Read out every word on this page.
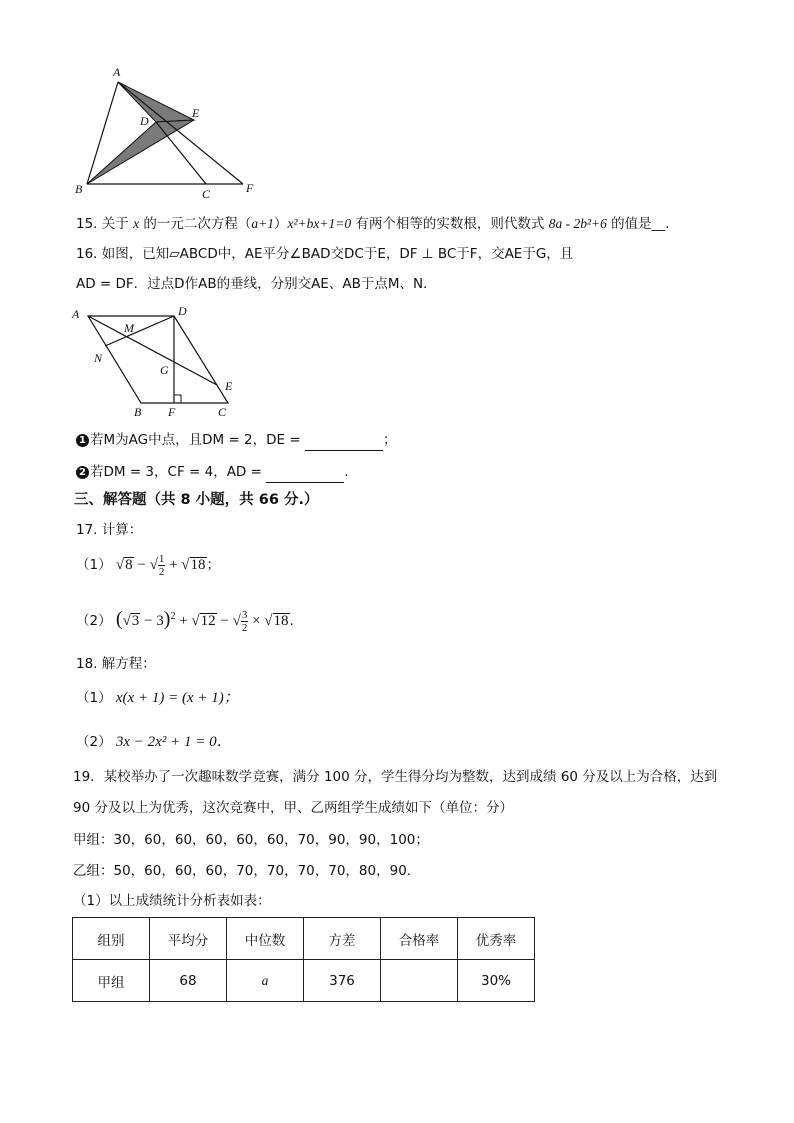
A
D
E
B	C	F
15. 关于 x 的一元二次方程（a+1）x²+bx+1=0 有两个相等的实数根，则代数式 8a - 2b²+6 的值是__.
16. 如图，已知▱ABCD中，AE平分∠BAD交DC于E，DF ⊥ BC于F，交AE于G，且
AD = DF．过点D作AB的垂线，分别交AE、AB于点M、N．
A	D
M
N
G
E
B F	C
1 若M为AG中点，且DM = 2，DE =	；
2 若DM = 3，CF = 4，AD =	.
三、解答题（共 8 小题，共 66 分.）
17. 计算：
（1） √8 − √ $\frac{1}{2} + √18$；
（2） $(√3 - 3)^2 + √12$ − √ $\frac{3}{2} \times √18$.
18. 解方程：
（1） x(x + 1) = (x + 1)；
（2） 3x − 2x² + 1 = 0．
19．某校举办了一次趣味数学竞赛，满分 100 分，学生得分均为整数，达到成绩 60 分及以上为合格，达到
90 分及以上为优秀，这次竞赛中，甲、乙两组学生成绩如下（单位：分）
甲组：30，60，60，60，60，60，70，90，90，100；
乙组：50，60，60，60，70，70，70，70，80，90.
（1）以上成绩统计分析表如表：
组别	平均分	中位数	方差	合格率	优秀率
甲组	68	a	376		30%
